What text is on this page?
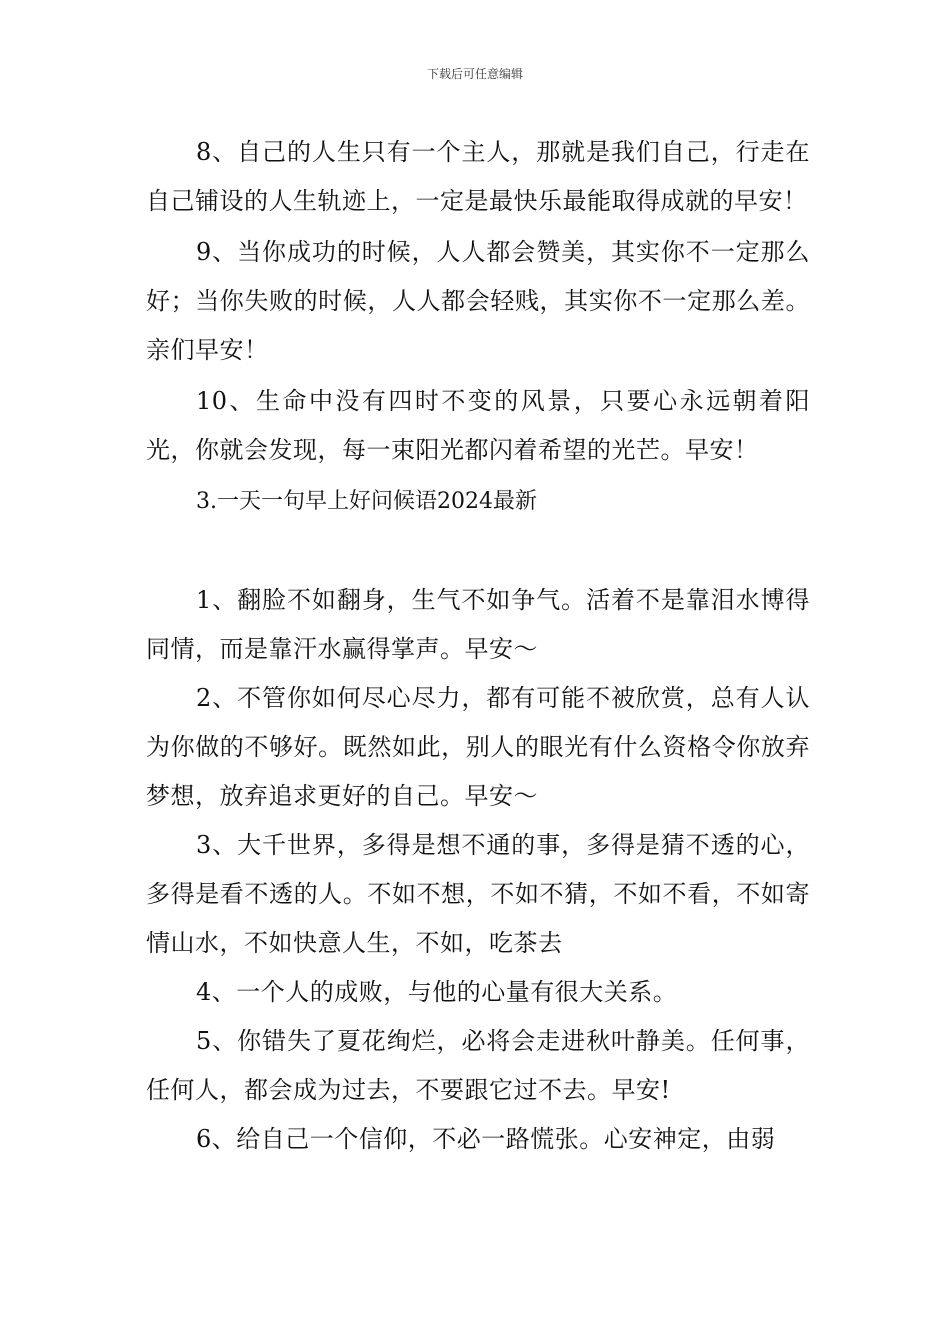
下载后可任意编辑

8、自己的人生只有一个主人，那就是我们自己，行走在自己铺设的人生轨迹上，一定是最快乐最能取得成就的早安！

9、当你成功的时候，人人都会赞美，其实你不一定那么好；当你失败的时候，人人都会轻贱，其实你不一定那么差。亲们早安！

10、生命中没有四时不变的风景，只要心永远朝着阳光，你就会发现，每一束阳光都闪着希望的光芒。早安！

3.一天一句早上好问候语2024最新

1、翻脸不如翻身，生气不如争气。活着不是靠泪水博得同情，而是靠汗水赢得掌声。早安～

2、不管你如何尽心尽力，都有可能不被欣赏，总有人认为你做的不够好。既然如此，别人的眼光有什么资格令你放弃梦想，放弃追求更好的自己。早安～

3、大千世界，多得是想不通的事，多得是猜不透的心，多得是看不透的人。不如不想，不如不猜，不如不看，不如寄情山水，不如快意人生，不如，吃茶去

4、一个人的成败，与他的心量有很大关系。

5、你错失了夏花绚烂，必将会走进秋叶静美。任何事，任何人，都会成为过去，不要跟它过不去。早安!

6、给自己一个信仰，不必一路慌张。心安神定，由弱
